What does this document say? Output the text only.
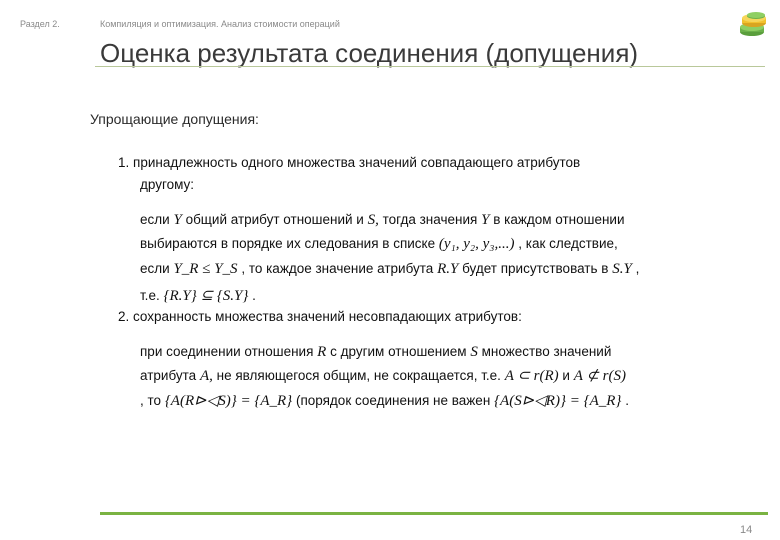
Раздел 2.	Компиляция и оптимизация. Анализ стоимости операций
Оценка результата соединения (допущения)
Упрощающие допущения:
1. принадлежность одного множества значений совпадающего атрибутов
другому:
если Y общий атрибут отношений и S, тогда значения Y в каждом отношении
выбираются в порядке их следования в списке (y₁, y₂, y₃,...) , как следствие,
если Y_R ≤ Y_S , то каждое значение атрибута R.Y будет присутствовать в S.Y ,
т.е. {R.Y} ⊆ {S.Y} .
2. сохранность множества значений несовпадающих атрибутов:
при соединении отношения R с другим отношением S множество значений
атрибута A, не являющегося общим, не сокращается, т.е. A ⊂ r(R) и A ⊄ r(S)
, то {A(R⊳◁S)} = {A_R} (порядок соединения не важен {A(S⊳◁R)} = {A_R} .
14
